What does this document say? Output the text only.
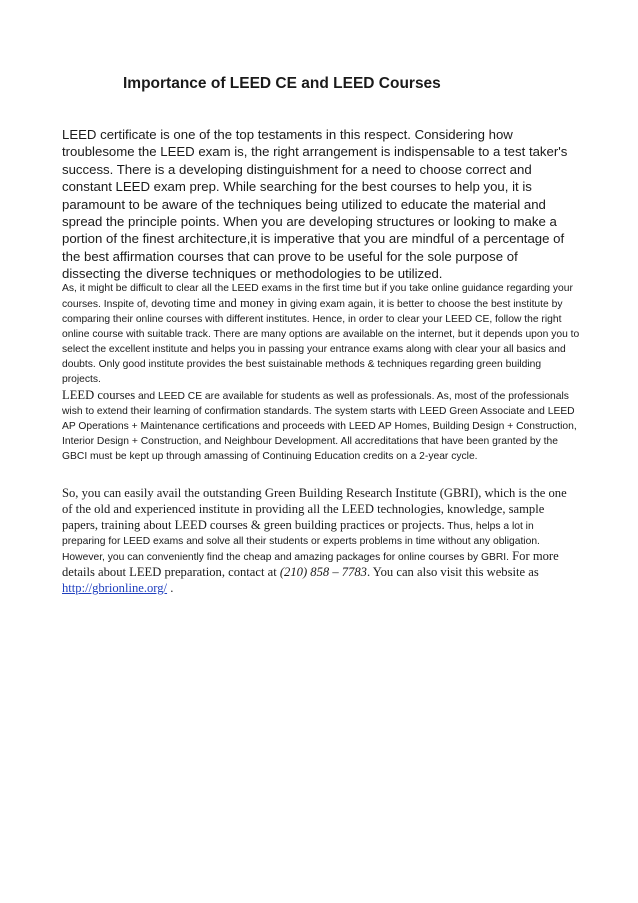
Importance of LEED CE and LEED Courses

LEED certificate is one of the top testaments in this respect. Considering how troublesome the LEED exam is, the right arrangement is indispensable to a test taker's success. There is a developing distinguishment for a need to choose correct and constant LEED exam prep. While searching for the best courses to help you, it is paramount to be aware of the techniques being utilized to educate the material and spread the principle points. When you are developing structures or looking to make a portion of the finest architecture,it is imperative that you are mindful of a percentage of the best affirmation courses that can prove to be useful for the sole purpose of dissecting the diverse techniques or methodologies to be utilized.

As, it might be difficult to clear all the LEED exams in the first time but if you take online guidance regarding your courses. Inspite of, devoting time and money in giving exam again, it is better to choose the best institute by comparing their online courses with different institutes. Hence, in order to clear your LEED CE, follow the right online course with suitable track. There are many options are available on the internet, but it depends upon you to select the excellent institute and helps you in passing your entrance exams along with clear your all basics and doubts. Only good institute provides the best suistainable methods & techniques regarding green building projects.

LEED courses and LEED CE are available for students as well as professionals. As, most of the professionals wish to extend their learning of confirmation standards. The system starts with LEED Green Associate and LEED AP Operations + Maintenance certifications and proceeds with LEED AP Homes, Building Design + Construction, Interior Design + Construction, and Neighbour Development. All accreditations that have been granted by the GBCI must be kept up through amassing of Continuing Education credits on a 2-year cycle.

So, you can easily avail the outstanding Green Building Research Institute (GBRI), which is the one of the old and experienced institute in providing all the LEED technologies, knowledge, sample papers, training about LEED courses & green building practices or projects. Thus, helps a lot in preparing for LEED exams and solve all their students or experts problems in time without any obligation. However, you can conveniently find the cheap and amazing packages for online courses by GBRI. For more details about LEED preparation, contact at (210) 858 – 7783. You can also visit this website as http://gbrionline.org/ .
